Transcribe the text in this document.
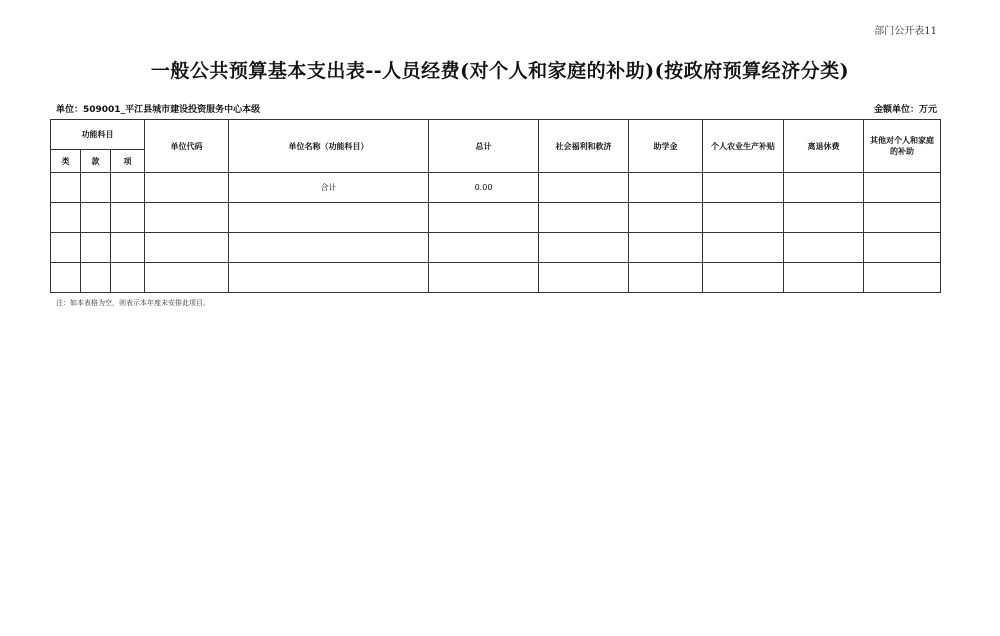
部门公开表11
一般公共预算基本支出表--人员经费(对个人和家庭的补助)(按政府预算经济分类)
单位：509001_平江县城市建设投资服务中心本级	金额单位：万元
功能科目			单位代码	单位名称（功能科目）	总计	社会福利和救济	助学金	个人农业生产补贴	离退休费	其他对个人和家庭的补助
类	款	项								
				合计	0.00					

注：如本表格为空，则表示本年度未安排此项目。
